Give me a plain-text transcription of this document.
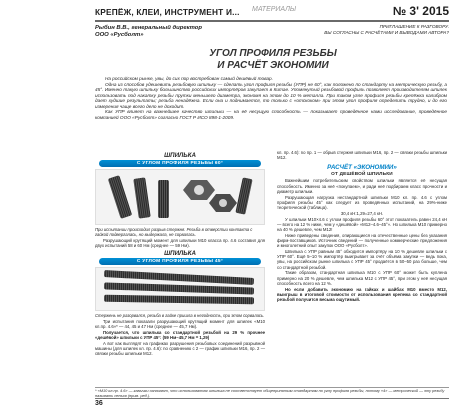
КРЕПЁЖ, КЛЕИ, ИНСТРУМЕНТ И... МАТЕРИАЛЫ	№ 3' 2015
ПРИГЛАШЕНИЕ К РАЗГОВОРУ.
ВЫ СОГЛАСНЫ С РАСЧЁТАМИ И ВЫВОДАМИ АВТОРА?
Рыбин В.В., генеральный директор
ООО «Русболт»
УГОЛ ПРОФИЛЯ РЕЗЬБЫ
И РАСЧЁТ ЭКОНОМИИ

На российском рынке, увы, до сих пор востребован самый дешёвый товар.

Одна из способов удешевить резьбовую шпильку — сделать угол профиля резьбы (УПР) не 60°, как положено по стандарту на метрическую резьбу, а 45°. Именно такую шпильку большинство российских импортёров закупает в Китае. Упомянутый резьбовой профиль позволяет производителям шпилек использовать под накатку резьбы прутки меньшего диаметра, экономя на этом до 10 % металла. При таком угле профиля резьбы крепёжка калибром дает худшие результаты; резьба ненадёжна. Если она и поднимается, то только с «отскоком» при этом угол профиля определить трудно, и до его измерения чаще всего дело не доходит.

Как УПР влияет на важнейшее качество шпильки — на её несущую способность — показывает проведённое нами исследование, проведённое компанией ООО «Русболт» согласно ГОСТ Р ИСО 898-1-2009.

ШПИЛЬКА
С УГЛОМ ПРОФИЛЯ РЕЗЬБЫ 60°

При испытании происходил разрыв стержня. Резьба в отверстии контакта с гайкой подвергалась, но выдержала, не сорвалась.

Разрушающий крутящий момент для шпильки М10 класса пр. 4.6 составил для двух испытаний 58 и 60 Нм (среднее — 59 Нм).

ШПИЛЬКА
С УГЛОМ ПРОФИЛЯ РЕЗЬБЫ 45°

Стержень не разорвался, резьба в гайке пришла в негодность, при этом сорвалась.

Три испытания показали разрушающий крутящий момент для шпилек «М10 кл.пр. 4.6»* — 44, 45 и 47 Нм (среднее — 45,7 Нм).

Получается, что шпилька со стандартной резьбой на 29 % прочнее «дешёвой» шпильки с УПР 45°: (59 Нм–45,7 Нм = 1,29)

А вот как выглядят на графиках разрушения резьбовых соединений разрывной машины (для шпилек кл. пр. 4.6): no сравнению с 2 — график шпильки М16, пр. 2 — связки резьбы шпильки М12.

кл. пр. 4.6): no пр. 1 — обрыв стержня шпильки М16, пр. 2 — связки резьбы шпильки М12.

РАСЧЁТ «ЭКОНОМИИ»
ОТ ДЕШЁВОЙ ШПИЛЬКИ

Важнейшим потребительским свойством шпильки является её несущая способность. Именно за неё «покупаем», и ради неё подбираем класс прочности и диаметр шпильки.

Разрушающая нагрузка нестандартной шпильки М10 кл. пр. 4.6 с углом профиля резьбы 45° как следует из проведённых испытаний, на 29%-ниже теоретической (таблица).

30,4 кН:1,29=27,4 кН.

У шпильки М10×4.6 с углом профиля резьбы 60° этот показатель равен 24,4 кН — всего на 12 % ниже, чем у «дешёвой» «М12–4.6–45°». Но шпилька М10 примерно на 40 % дешевле, чем М12!

Ниже приведены сведения, опирающиеся на отечественные цены без указания фирм-поставщиков. Источник сведений — полученные коммерческие предложения и многолетний опыт закупок ООО «Русболт».

Шпилька с УПР равным 45° обходится импортёру на 10 % дешевле шпильки с УПР 60°. Ещё 5–10 % импортёр выигрывает за счёт объёма закупки — ведь пока, увы, на российском рынке шпилька с УПР 45° продаётся в 50–50 раз больше, чем со стандартной резьбой.

Такие образом, стандартная шпилька М10 с УПР 60° может быть куплена примерно на 20 % дешевле, чем шпилька М12 с УПР 45°, при этом у неё несущая способность всего на 12 %.

Но если добавить экономию на гайках и шайбах М10 вместо М12, выигрыш в итоговой стоимости от использования крепежа со стандартной резьбой получится весьма ощутимый.

* «М10 кл.пр. 4.6» — кавычки означают, что использованная шпилька не соответствует общепринятым стандартам по углу профиля резьбы, потому «4» — метрический — эту резьбу называть нельзя (прим. ред.).
36
